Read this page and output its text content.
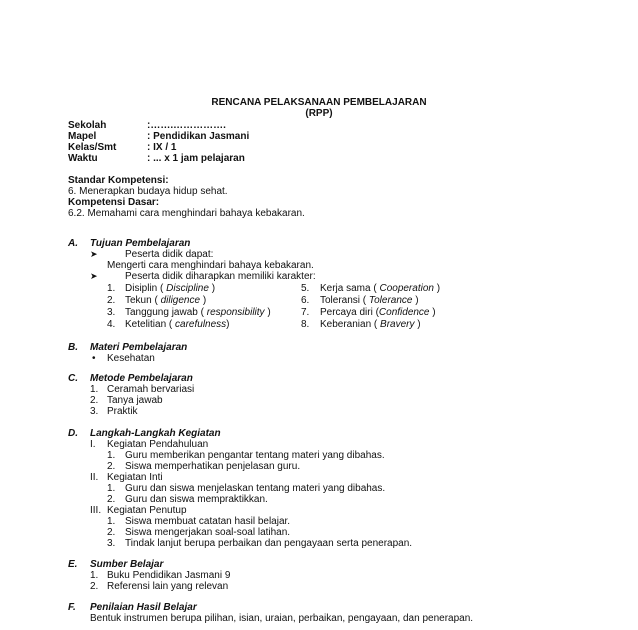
RENCANA PELAKSANAAN PEMBELAJARAN
(RPP)
Sekolah	:…….…………….
Mapel	: Pendidikan Jasmani
Kelas/Smt	: IX / 1
Waktu	: ... x 1 jam pelajaran
Standar Kompetensi:
6. Menerapkan budaya hidup sehat.
Kompetensi Dasar:
6.2. Memahami cara menghindari bahaya kebakaran.
A. Tujuan Pembelajaran
➤	Peserta didik dapat:
Mengerti cara menghindari bahaya kebakaran.
➤	Peserta didik diharapkan memiliki karakter:
1. Disiplin ( Discipline )
2. Tekun ( diligence )
3. Tanggung jawab ( responsibility )
4. Ketelitian ( carefulness)
5. Kerja sama ( Cooperation )
6. Toleransi ( Tolerance )
7. Percaya diri (Confidence )
8. Keberanian ( Bravery )
B. Materi Pembelajaran
• Kesehatan
C. Metode Pembelajaran
1. Ceramah bervariasi
2. Tanya jawab
3. Praktik
D. Langkah-Langkah Kegiatan
I. Kegiatan Pendahuluan
1. Guru memberikan pengantar tentang materi yang dibahas.
2. Siswa memperhatikan penjelasan guru.
II. Kegiatan Inti
1. Guru dan siswa menjelaskan tentang materi yang dibahas.
2. Guru dan siswa mempraktikkan.
III. Kegiatan Penutup
1. Siswa membuat catatan hasil belajar.
2. Siswa mengerjakan soal-soal latihan.
3. Tindak lanjut berupa perbaikan dan pengayaan serta penerapan.
E. Sumber Belajar
1. Buku Pendidikan Jasmani 9
2. Referensi lain yang relevan
F. Penilaian Hasil Belajar
Bentuk instrumen berupa pilihan, isian, uraian, perbaikan, pengayaan, dan penerapan.
